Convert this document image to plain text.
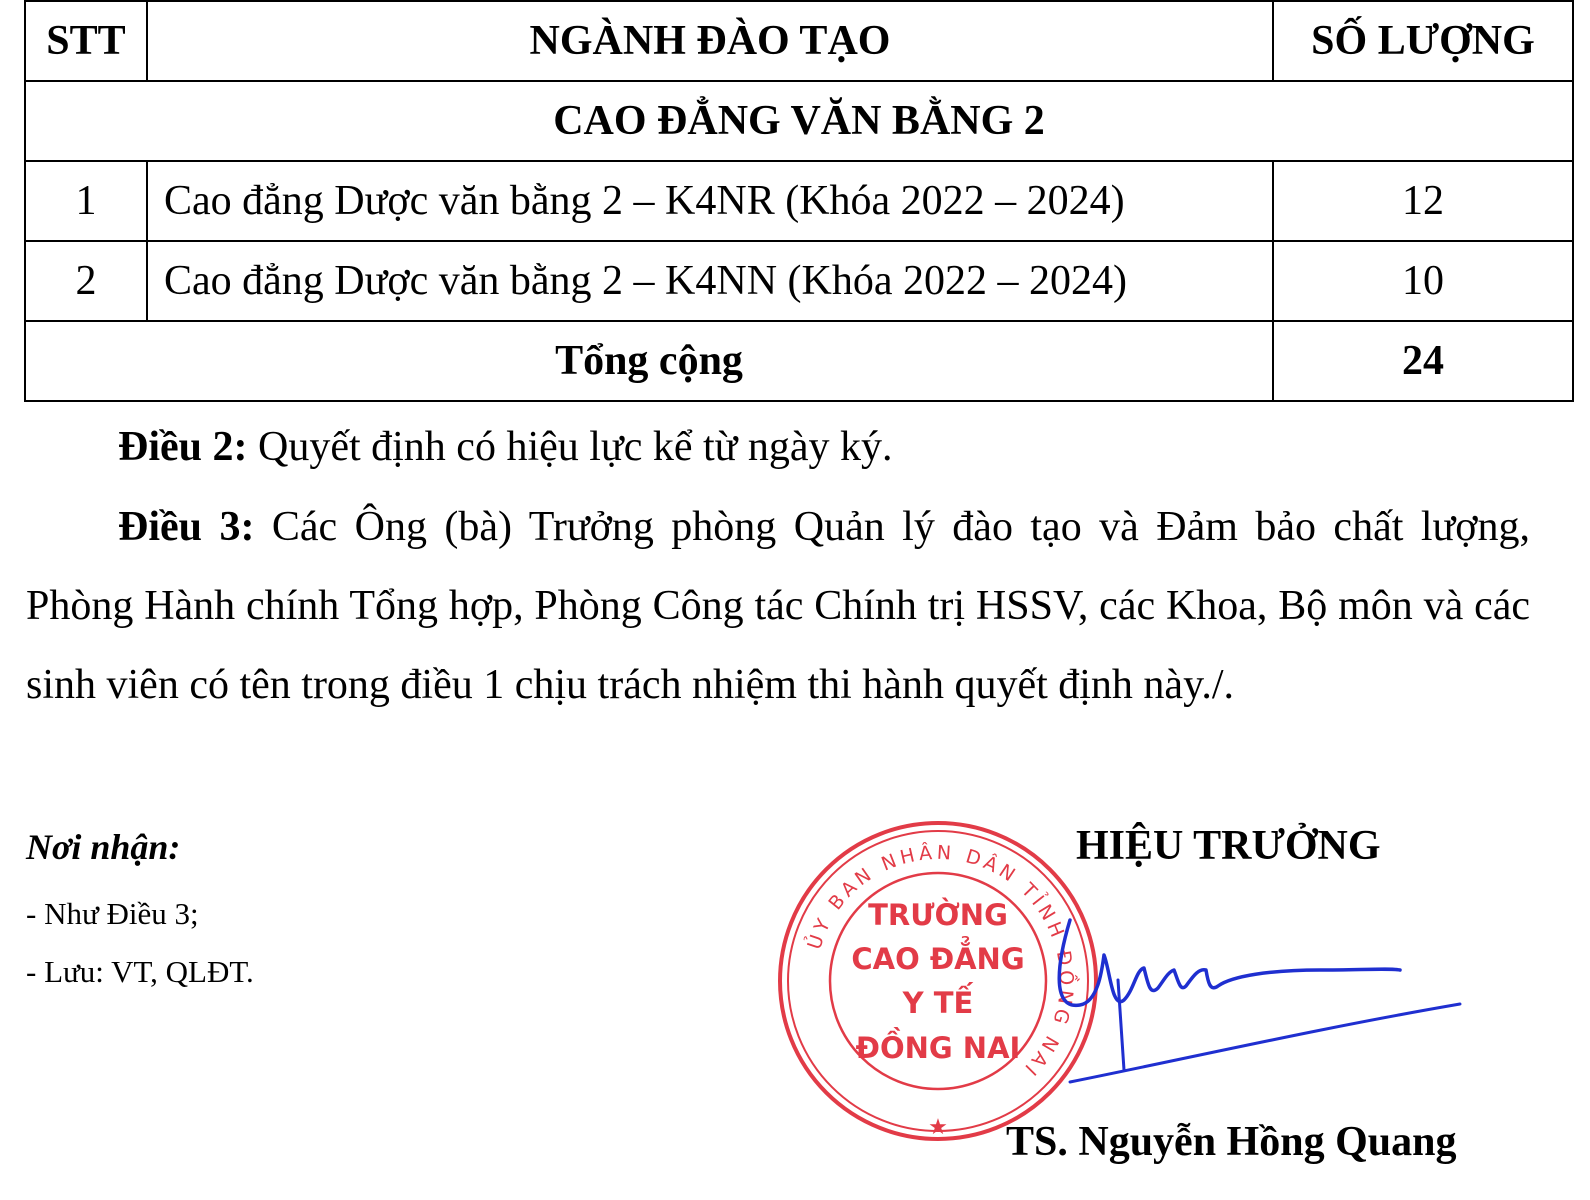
STT	NGÀNH ĐÀO TẠO	SỐ LƯỢNG
CAO ĐẲNG VĂN BẰNG 2		
1	Cao đẳng Dược văn bằng 2 – K4NR (Khóa 2022 – 2024)	12
2	Cao đẳng Dược văn bằng 2 – K4NN (Khóa 2022 – 2024)	10
Tổng cộng		24
Điều 2: Quyết định có hiệu lực kể từ ngày ký.
Điều 3: Các Ông (bà) Trưởng phòng Quản lý đào tạo và Đảm bảo chất lượng, Phòng Hành chính Tổng hợp, Phòng Công tác Chính trị HSSV, các Khoa, Bộ môn và các sinh viên có tên trong điều 1 chịu trách nhiệm thi hành quyết định này./.
Nơi nhận:
- Như Điều 3;
- Lưu: VT, QLĐT.
ỦY BAN NHÂN DÂN TỈNH ĐỒNG NAI
TRƯỜNG
CAO ĐẲNG
Y TẾ
ĐỒNG NAI
★
HIỆU TRƯỞNG
TS. Nguyễn Hồng Quang
